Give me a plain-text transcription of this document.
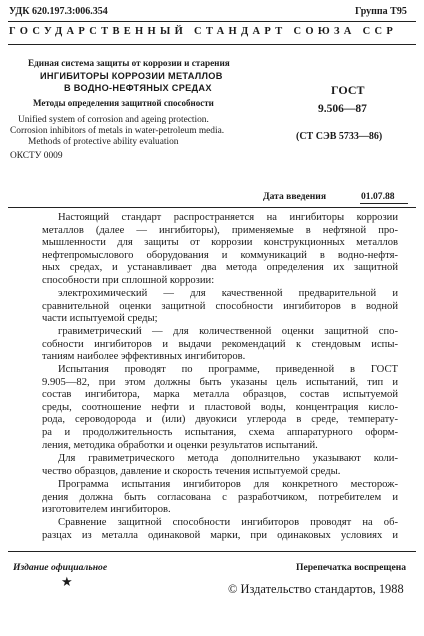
УДК 620.197.3:006.354	Группа Т95
ГОСУДАРСТВЕННЫЙ СТАНДАРТ СОЮЗА ССР
Единая система защиты от коррозии и старения
ИНГИБИТОРЫ КОРРОЗИИ МЕТАЛЛОВ
В ВОДНО-НЕФТЯНЫХ СРЕДАХ
Методы определения защитной способности
Unified system of corrosion and ageing protection.
Corrosion inhibitors of metals in water-petroleum media.
Methods of protective ability evaluation
ОКСТУ 0009
ГОСТ
9.506—87
(СТ СЭВ 5733—86)
Дата введения	01.07.88
Настоящий стандарт распространяется на ингибиторы коррозии
металлов (далее — ингибиторы), применяемые в нефтяной про-
мышленности для защиты от коррозии конструкционных металлов
нефтепромыслового оборудования и коммуникаций в водно-нефтя-
ных средах, и устанавливает два метода определения их защитной
способности при сплошной коррозии:
электрохимический — для качественной предварительной и
сравнительной оценки защитной способности ингибиторов в водной
части испытуемой среды;
гравиметрический — для количественной оценки защитной спо-
собности ингибиторов и выдачи рекомендаций к стендовым испы-
таниям наиболее эффективных ингибиторов.
Испытания проводят по программе, приведенной в ГОСТ
9.905—82, при этом должны быть указаны цель испытаний, тип и
состав ингибитора, марка металла образцов, состав испытуемой
среды, соотношение нефти и пластовой воды, концентрация кисло-
рода, сероводорода и (или) двуокиси углерода в среде, температу-
ра и продолжительность испытания, схема аппаратурного оформ-
ления, методика обработки и оценки результатов испытаний.
Для гравиметрического метода дополнительно указывают коли-
чество образцов, давление и скорость течения испытуемой среды.
Программа испытания ингибиторов для конкретного месторож-
дения должна быть согласована с разработчиком, потребителем и
изготовителем ингибиторов.
Сравнение защитной способности ингибиторов проводят на об-
разцах из металла одинаковой марки, при одинаковых условиях и
Издание официальное
★
Перепечатка воспрещена
© Издательство стандартов, 1988
